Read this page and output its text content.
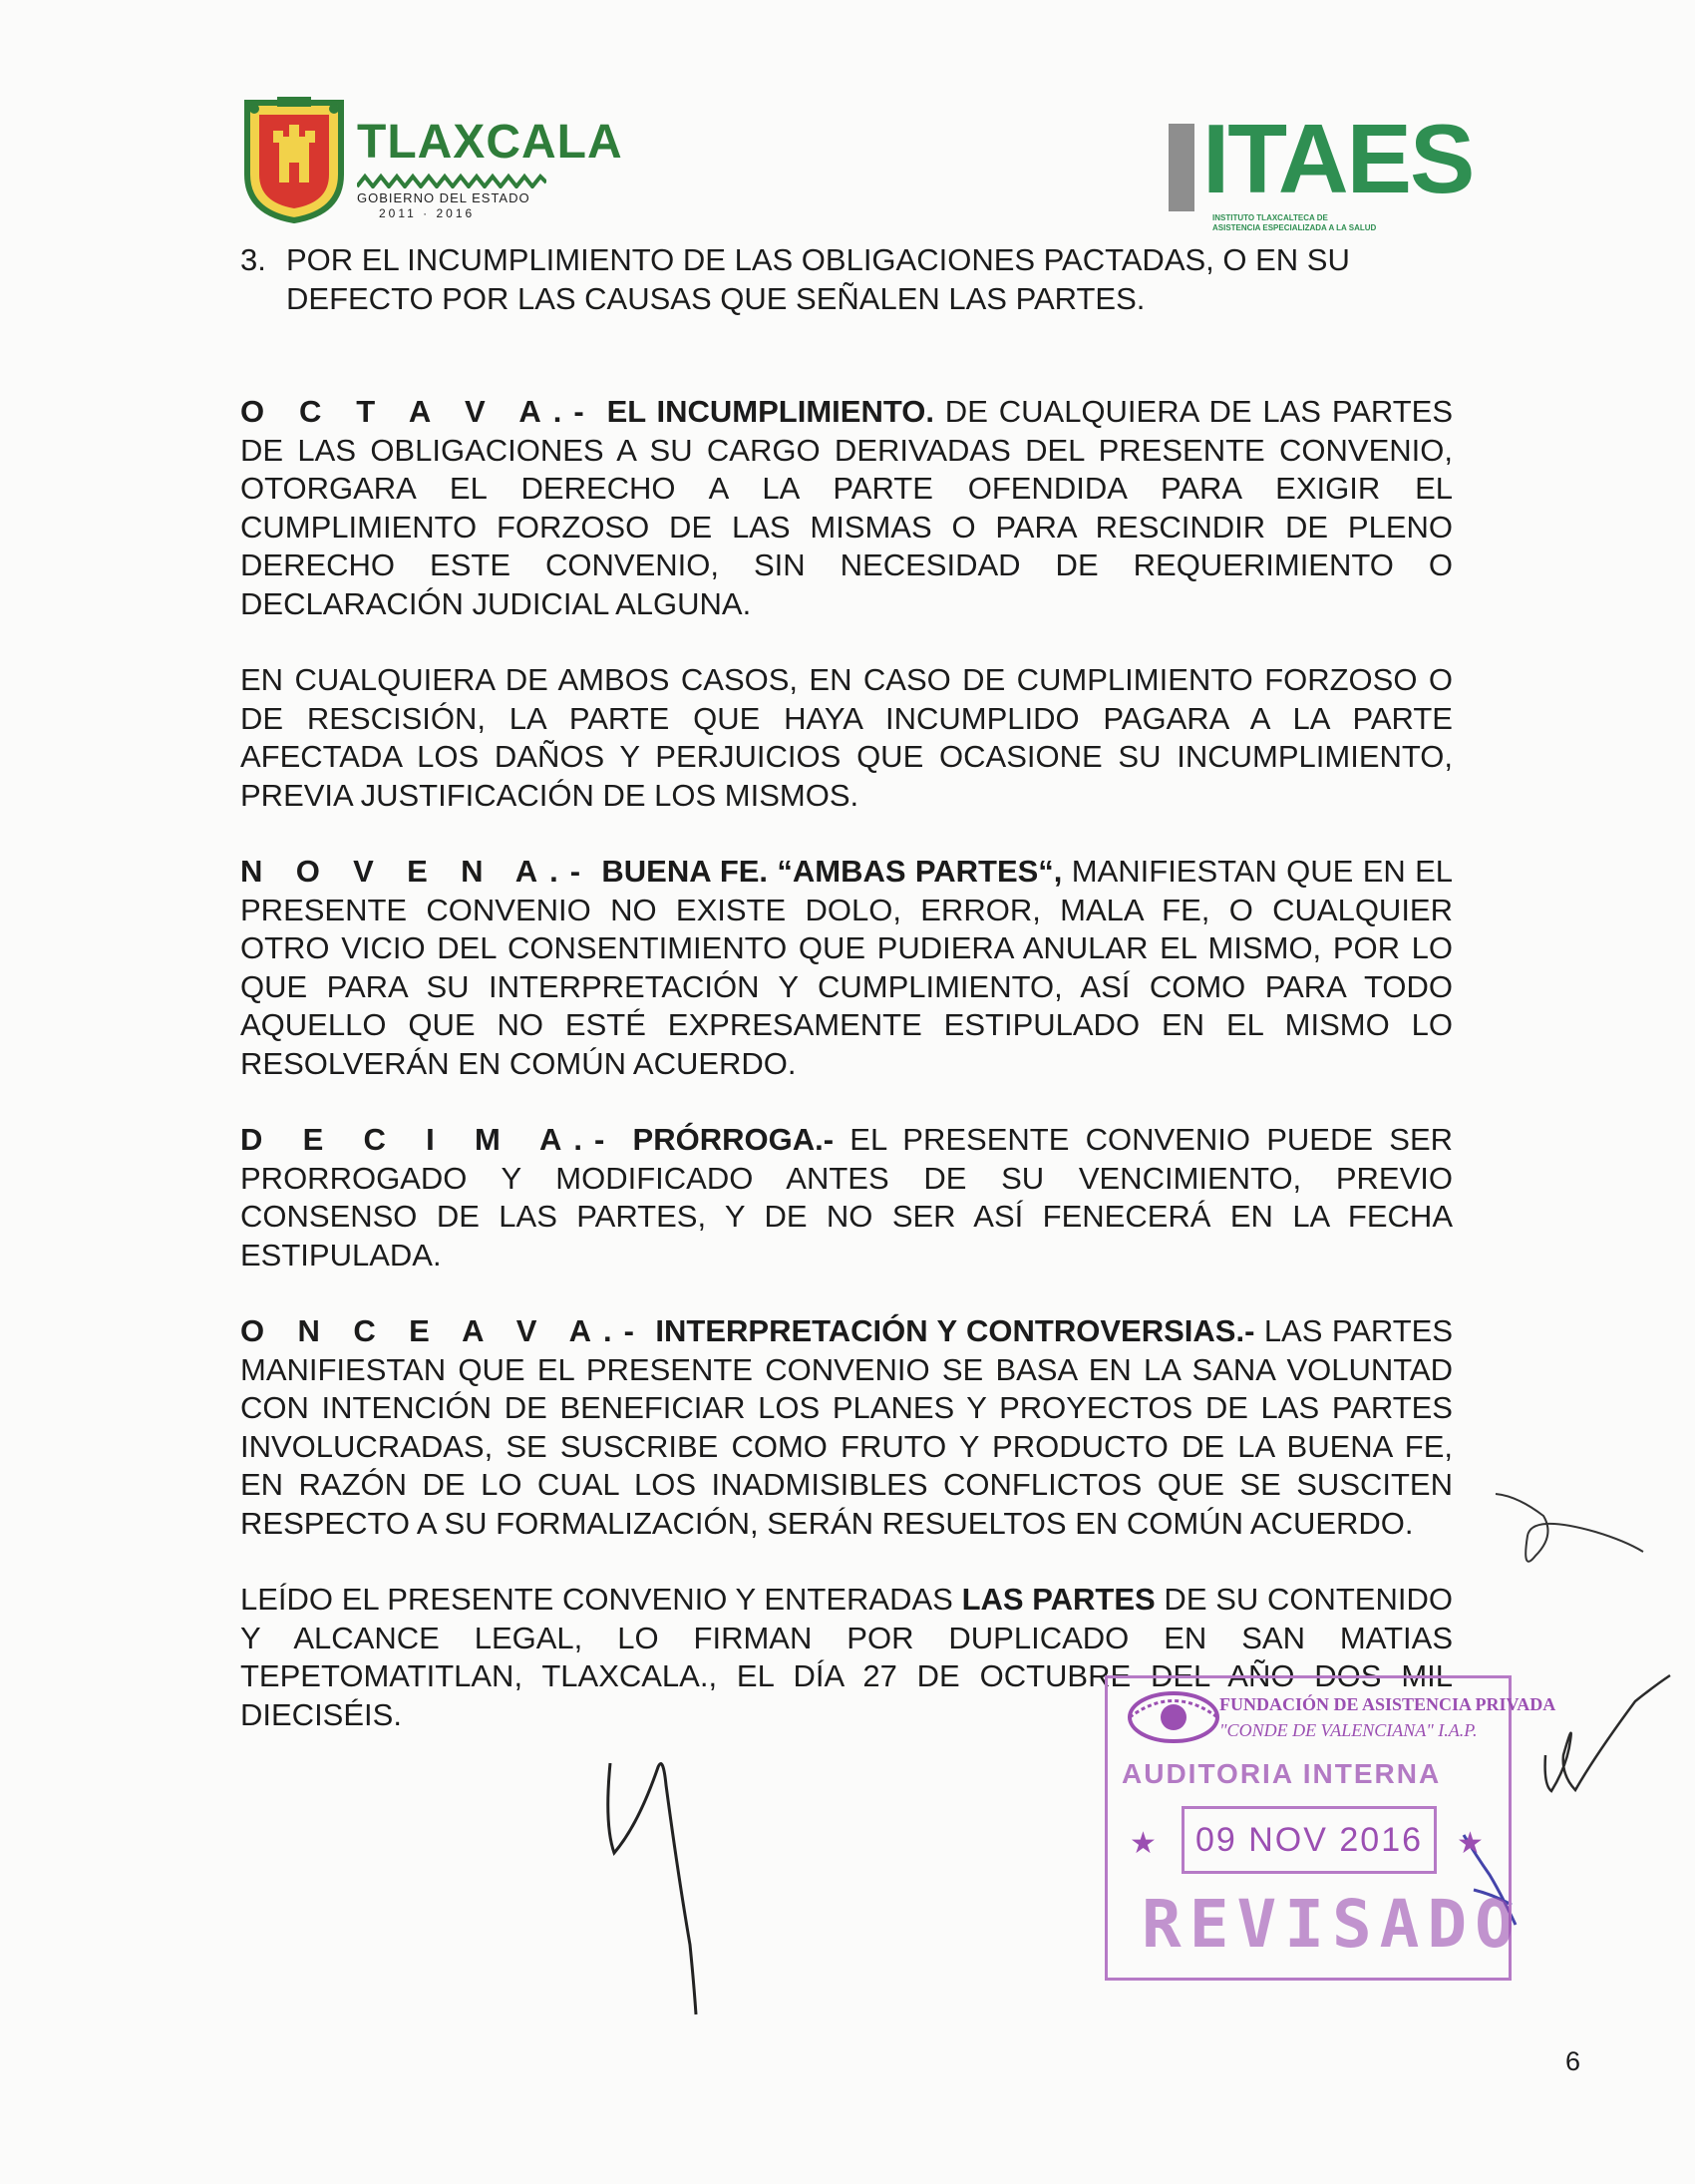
TLAXCALA
GOBIERNO DEL ESTADO
2011 · 2016	ITAES
INSTITUTO TLAXCALTECA DE
ASISTENCIA ESPECIALIZADA A LA SALUD

3. POR EL INCUMPLIMIENTO DE LAS OBLIGACIONES PACTADAS, O EN SU DEFECTO POR LAS CAUSAS QUE SEÑALEN LAS PARTES.

O C T A V A.- EL INCUMPLIMIENTO. DE CUALQUIERA DE LAS PARTES DE LAS OBLIGACIONES A SU CARGO DERIVADAS DEL PRESENTE CONVENIO, OTORGARA EL DERECHO A LA PARTE OFENDIDA PARA EXIGIR EL CUMPLIMIENTO FORZOSO DE LAS MISMAS O PARA RESCINDIR DE PLENO DERECHO ESTE CONVENIO, SIN NECESIDAD DE REQUERIMIENTO O DECLARACIÓN JUDICIAL ALGUNA.

EN CUALQUIERA DE AMBOS CASOS, EN CASO DE CUMPLIMIENTO FORZOSO O DE RESCISIÓN, LA PARTE QUE HAYA INCUMPLIDO PAGARA A LA PARTE AFECTADA LOS DAÑOS Y PERJUICIOS QUE OCASIONE SU INCUMPLIMIENTO, PREVIA JUSTIFICACIÓN DE LOS MISMOS.

N O V E N A.- BUENA FE. “AMBAS PARTES“, MANIFIESTAN QUE EN EL PRESENTE CONVENIO NO EXISTE DOLO, ERROR, MALA FE, O CUALQUIER OTRO VICIO DEL CONSENTIMIENTO QUE PUDIERA ANULAR EL MISMO, POR LO QUE PARA SU INTERPRETACIÓN Y CUMPLIMIENTO, ASÍ COMO PARA TODO AQUELLO QUE NO ESTÉ EXPRESAMENTE ESTIPULADO EN EL MISMO LO RESOLVERÁN EN COMÚN ACUERDO.

D E C I M A.- PRÓRROGA.- EL PRESENTE CONVENIO PUEDE SER PRORROGADO Y MODIFICADO ANTES DE SU VENCIMIENTO, PREVIO CONSENSO DE LAS PARTES, Y DE NO SER ASÍ FENECERÁ EN LA FECHA ESTIPULADA.

O N C E A V A.- INTERPRETACIÓN Y CONTROVERSIAS.- LAS PARTES MANIFIESTAN QUE EL PRESENTE CONVENIO SE BASA EN LA SANA VOLUNTAD CON INTENCIÓN DE BENEFICIAR LOS PLANES Y PROYECTOS DE LAS PARTES INVOLUCRADAS, SE SUSCRIBE COMO FRUTO Y PRODUCTO DE LA BUENA FE, EN RAZÓN DE LO CUAL LOS INADMISIBLES CONFLICTOS QUE SE SUSCITEN RESPECTO A SU FORMALIZACIÓN, SERÁN RESUELTOS EN COMÚN ACUERDO.

LEÍDO EL PRESENTE CONVENIO Y ENTERADAS LAS PARTES DE SU CONTENIDO Y ALCANCE LEGAL, LO FIRMAN POR DUPLICADO EN SAN MATIAS TEPETOMATITLAN, TLAXCALA., EL DÍA 27 DE OCTUBRE DEL AÑO DOS MIL DIECISÉIS.	FUNDACIÓN DE ASISTENCIA PRIVADA
"CONDE DE VALENCIANA" I.A.P.
AUDITORIA INTERNA
★	09 NOV 2016	★
REVISADO
6
